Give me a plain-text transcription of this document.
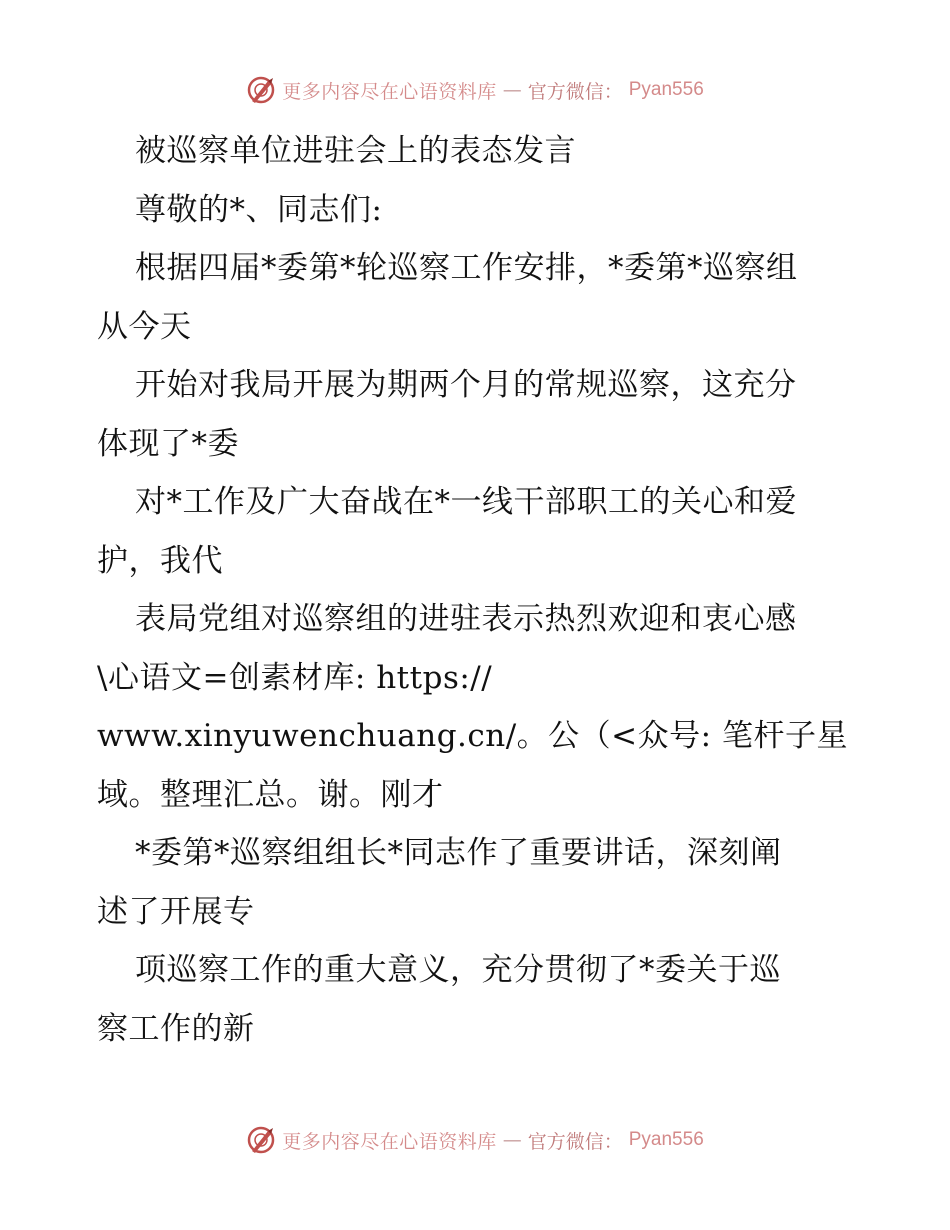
更多内容尽在心语资料库 — 官方微信： Pyan556
被巡察单位进驻会上的表态发言
尊敬的*、同志们:
根据四届*委第*轮巡察工作安排，*委第*巡察组
从今天
开始对我局开展为期两个月的常规巡察，这充分
体现了*委
对*工作及广大奋战在*一线干部职工的关心和爱
护，我代
表局党组对巡察组的进驻表示热烈欢迎和衷心感
\心语文=创素材库: https://
www.xinyuwenchuang.cn/。公（<众号: 笔杆子星
域。整理汇总。谢。刚才
*委第*巡察组组长*同志作了重要讲话，深刻阐
述了开展专
项巡察工作的重大意义，充分贯彻了*委关于巡
察工作的新
更多内容尽在心语资料库 — 官方微信： Pyan556
